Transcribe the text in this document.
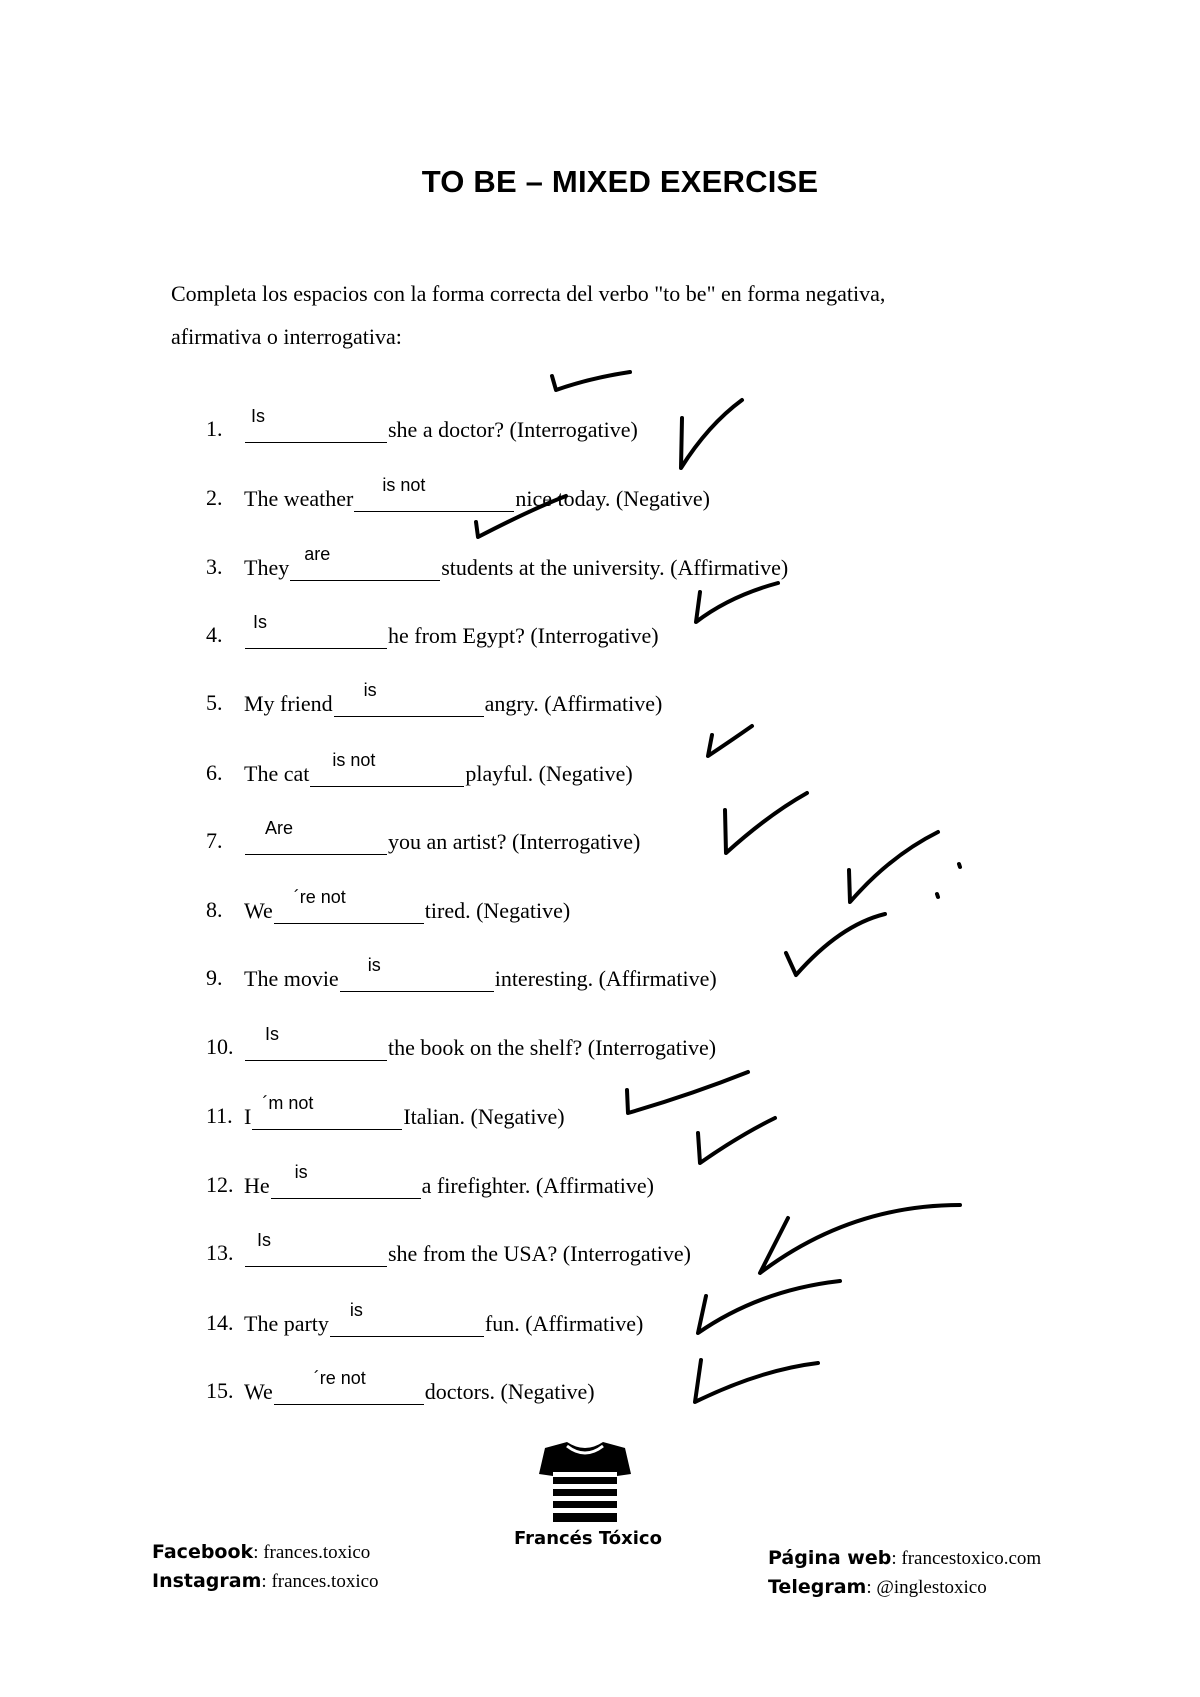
TO BE – MIXED EXERCISE
Completa los espacios con la forma correcta del verbo "to be" en forma negativa,
afirmativa o interrogativa:
1. Is
she a doctor? (Interrogative)
2. The weather
is not
nice today. (Negative)
3. They
are
students at the university. (Affirmative)
4. Is
he from Egypt? (Interrogative)
5. My friend
is
angry. (Affirmative)
6. The cat
is not
playful. (Negative)
7. Are
you an artist? (Interrogative)
8. We
´re not
tired. (Negative)
9. The movie
is
interesting. (Affirmative)
10. Is
the book on the shelf? (Interrogative)
11. I
´m not
Italian. (Negative)
12. He
is
a firefighter. (Affirmative)
13. Is
she from the USA? (Interrogative)
14. The party
is
fun. (Affirmative)
15. We
´re not
doctors. (Negative)
Francés Tóxico
Facebook: frances.toxico
Instagram: frances.toxico
Página web: francestoxico.com
Telegram: @inglestoxico
